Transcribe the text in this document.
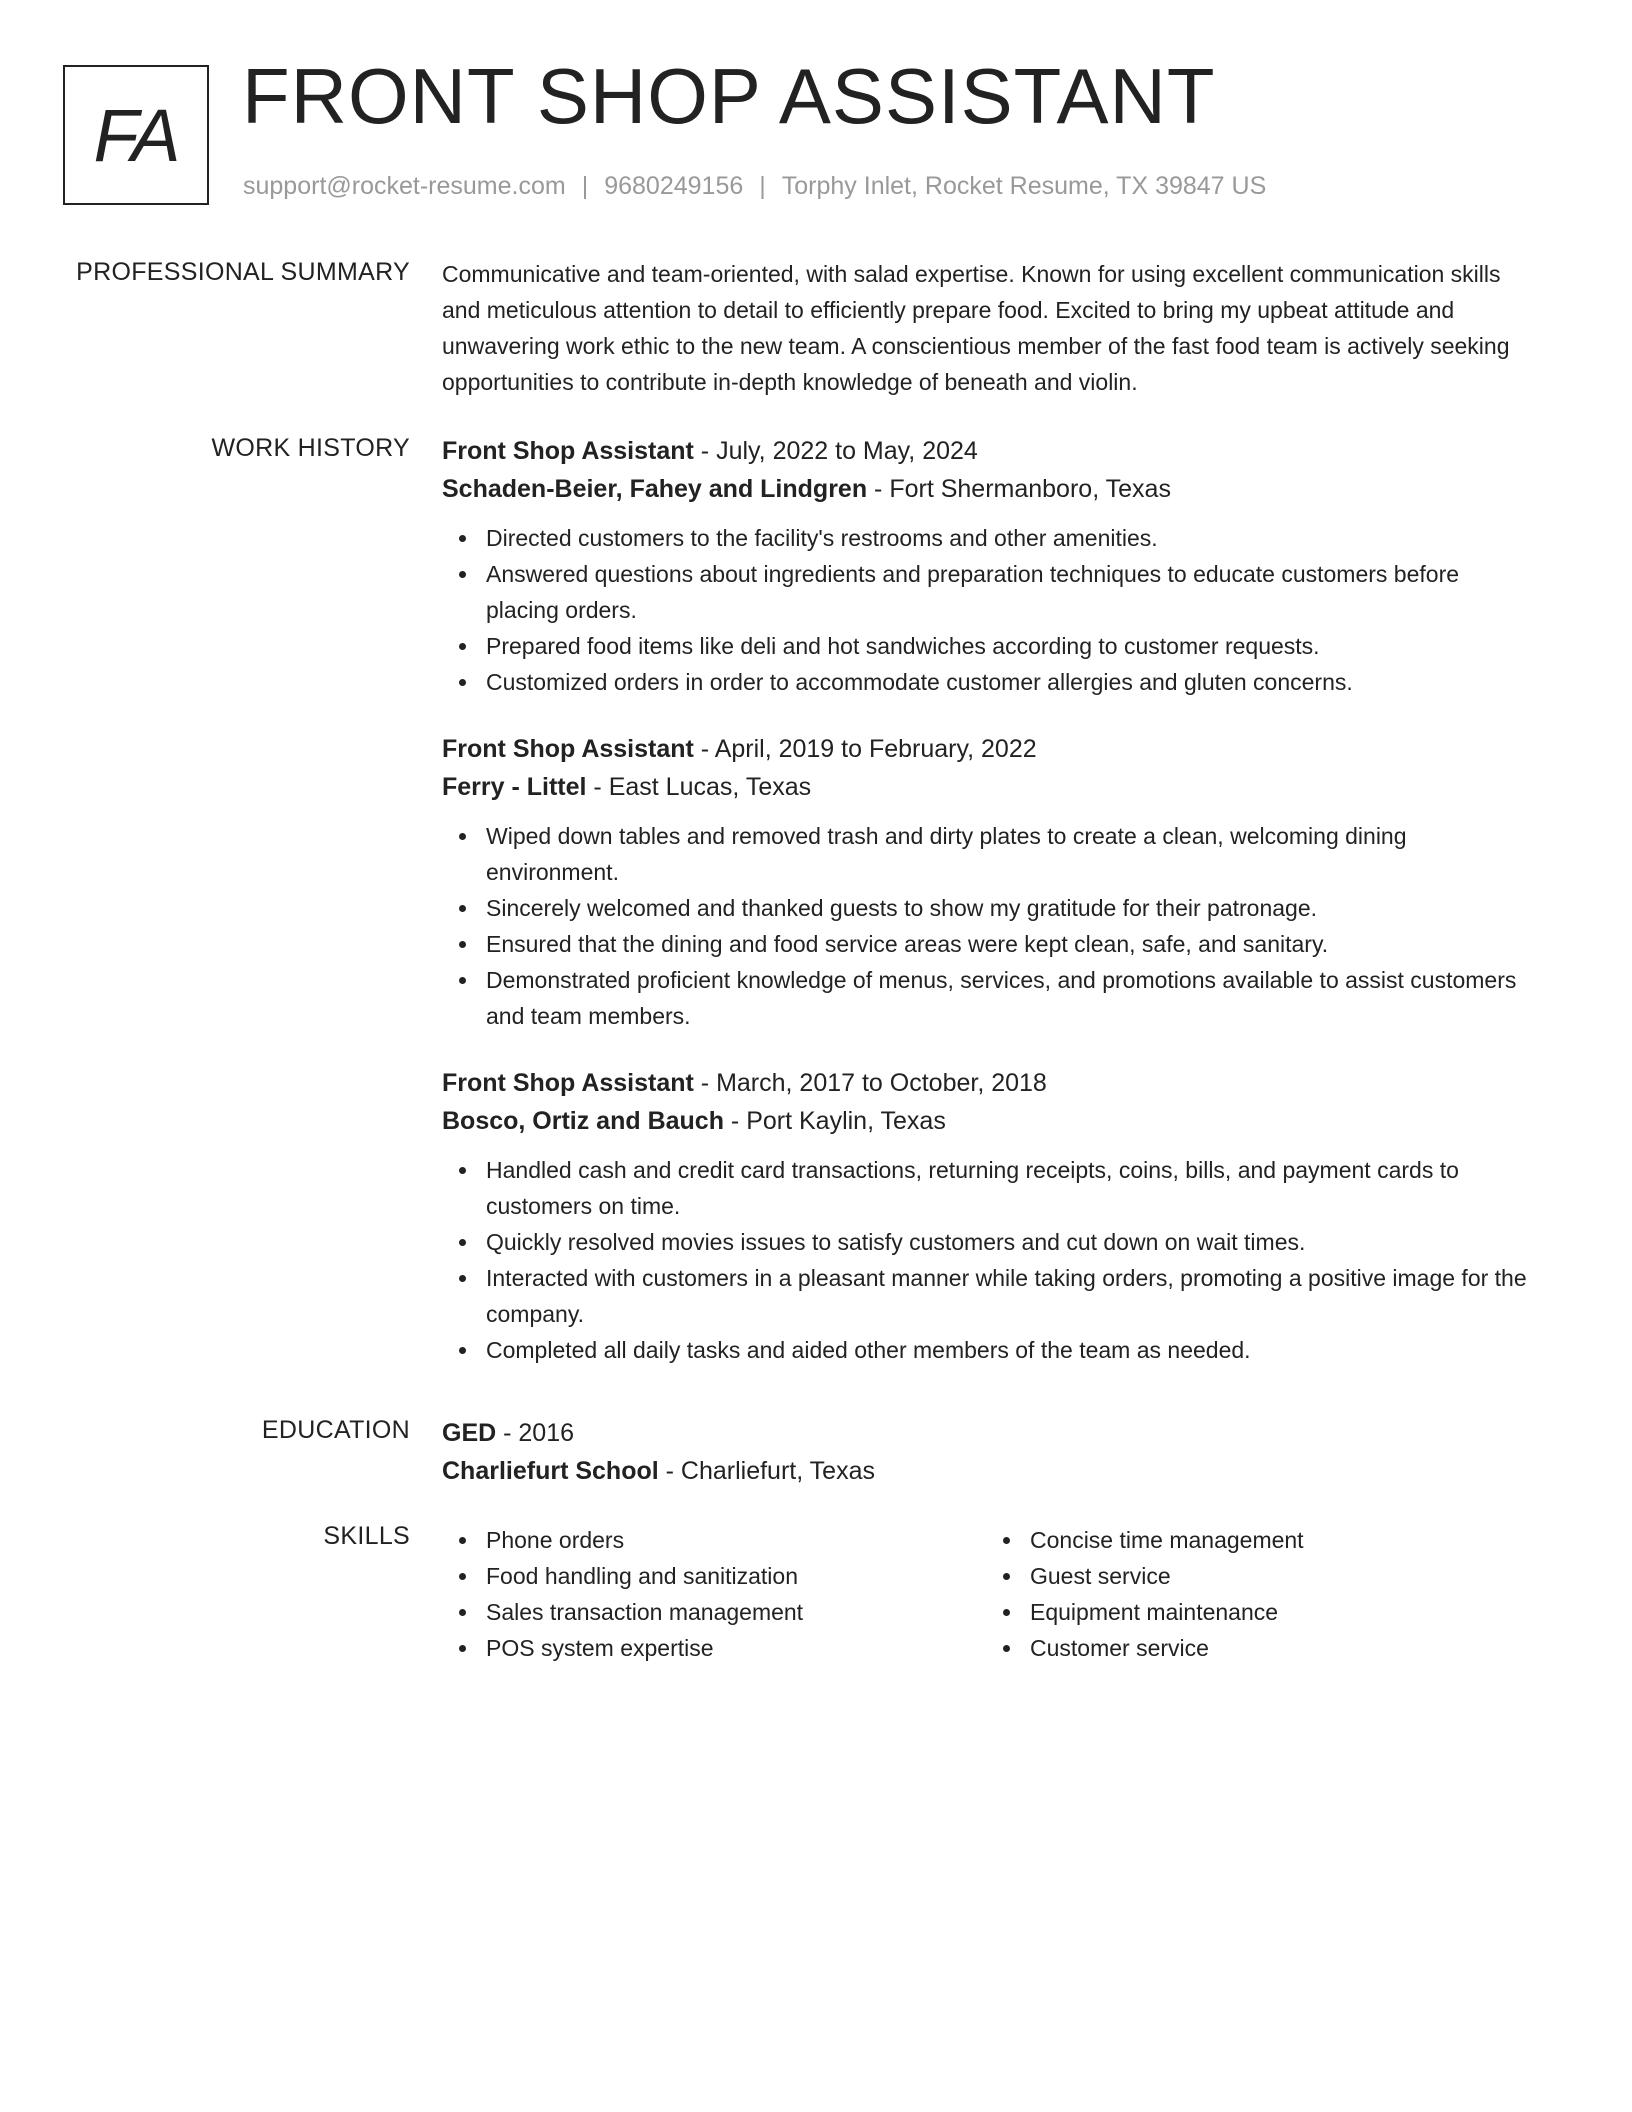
FA FRONT SHOP ASSISTANT
support@rocket-resume.com | 9680249156 | Torphy Inlet, Rocket Resume, TX 39847 US
PROFESSIONAL SUMMARY Communicative and team-oriented, with salad expertise. Known for using excellent communication skills and meticulous attention to detail to efficiently prepare food. Excited to bring my upbeat attitude and unwavering work ethic to the new team. A conscientious member of the fast food team is actively seeking opportunities to contribute in-depth knowledge of beneath and violin.

WORK HISTORY Front Shop Assistant - July, 2022 to May, 2024
Schaden-Beier, Fahey and Lindgren - Fort Shermanboro, Texas
Directed customers to the facility's restrooms and other amenities.
Answered questions about ingredients and preparation techniques to educate customers before placing orders.
Prepared food items like deli and hot sandwiches according to customer requests.
Customized orders in order to accommodate customer allergies and gluten concerns.
Front Shop Assistant - April, 2019 to February, 2022
Ferry - Littel - East Lucas, Texas
Wiped down tables and removed trash and dirty plates to create a clean, welcoming dining environment.
Sincerely welcomed and thanked guests to show my gratitude for their patronage.
Ensured that the dining and food service areas were kept clean, safe, and sanitary.
Demonstrated proficient knowledge of menus, services, and promotions available to assist customers and team members.
Front Shop Assistant - March, 2017 to October, 2018
Bosco, Ortiz and Bauch - Port Kaylin, Texas
Handled cash and credit card transactions, returning receipts, coins, bills, and payment cards to customers on time.
Quickly resolved movies issues to satisfy customers and cut down on wait times.
Interacted with customers in a pleasant manner while taking orders, promoting a positive image for the company.
Completed all daily tasks and aided other members of the team as needed.
EDUCATION GED - 2016
Charliefurt School - Charliefurt, Texas
SKILLS	Phone orders
Food handling and sanitization
Sales transaction management
POS system expertise
Concise time management
Guest service
Equipment maintenance
Customer service
